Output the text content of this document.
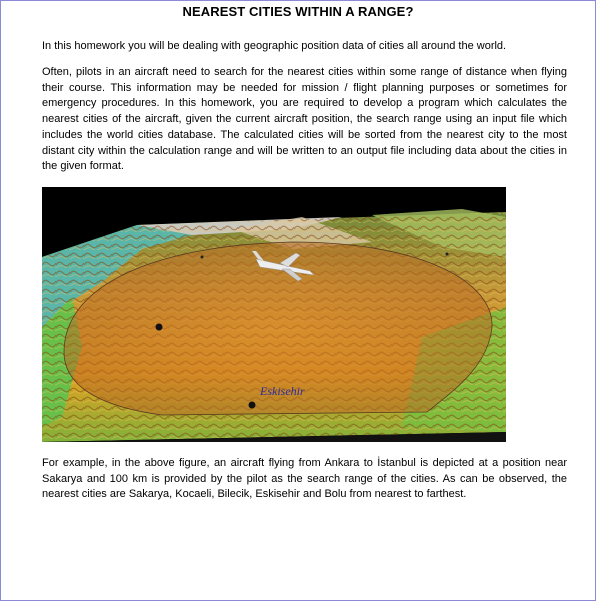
NEAREST CITIES WITHIN A RANGE?

In this homework you will be dealing with geographic position data of cities all around the world.

Often, pilots in an aircraft need to search for the nearest cities within some range of distance when flying their course. This information may be needed for mission / flight planning purposes or sometimes for emergency procedures. In this homework, you are required to develop a program which calculates the nearest cities of the aircraft, given the current aircraft position, the search range using an input file which includes the world cities database. The calculated cities will be sorted from the nearest city to the most distant city within the calculation range and will be written to an output file including data about the cities in the given format.

Eskisehir

For example, in the above figure, an aircraft flying from Ankara to İstanbul is depicted at a position near Sakarya and 100 km is provided by the pilot as the search range of the cities. As can be observed, the nearest cities are Sakarya, Kocaeli, Bilecik, Eskisehir and Bolu from nearest to farthest.
